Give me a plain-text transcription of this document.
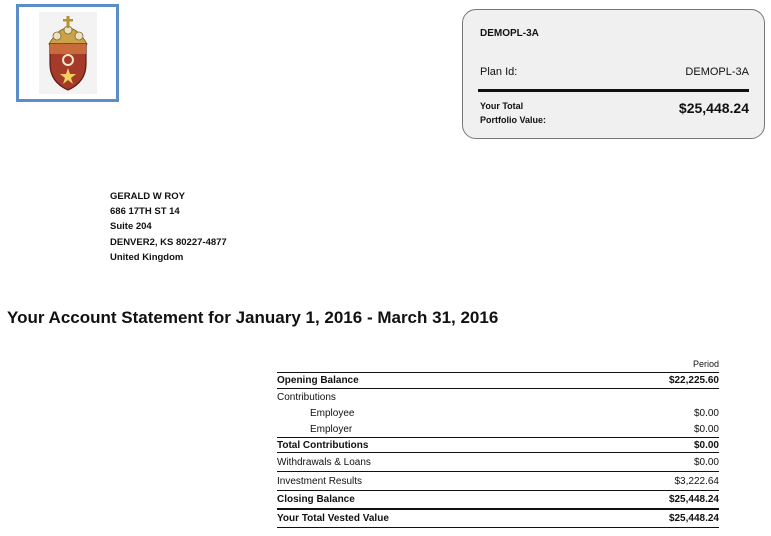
DEMOPL-3A
Plan Id:	DEMOPL-3A
Your Total
Portfolio Value:
$25,448.24
GERALD W ROY
686 17TH ST 14
Suite 204
DENVER2, KS 80227-4877
United Kingdom
Your Account Statement for January 1, 2016 - March 31, 2016
Period
Opening Balance	$22,225.60
Contributions
Employee	$0.00
Employer	$0.00
Total Contributions	$0.00
Withdrawals & Loans	$0.00
Investment Results	$3,222.64
Closing Balance	$25,448.24
Your Total Vested Value	$25,448.24
